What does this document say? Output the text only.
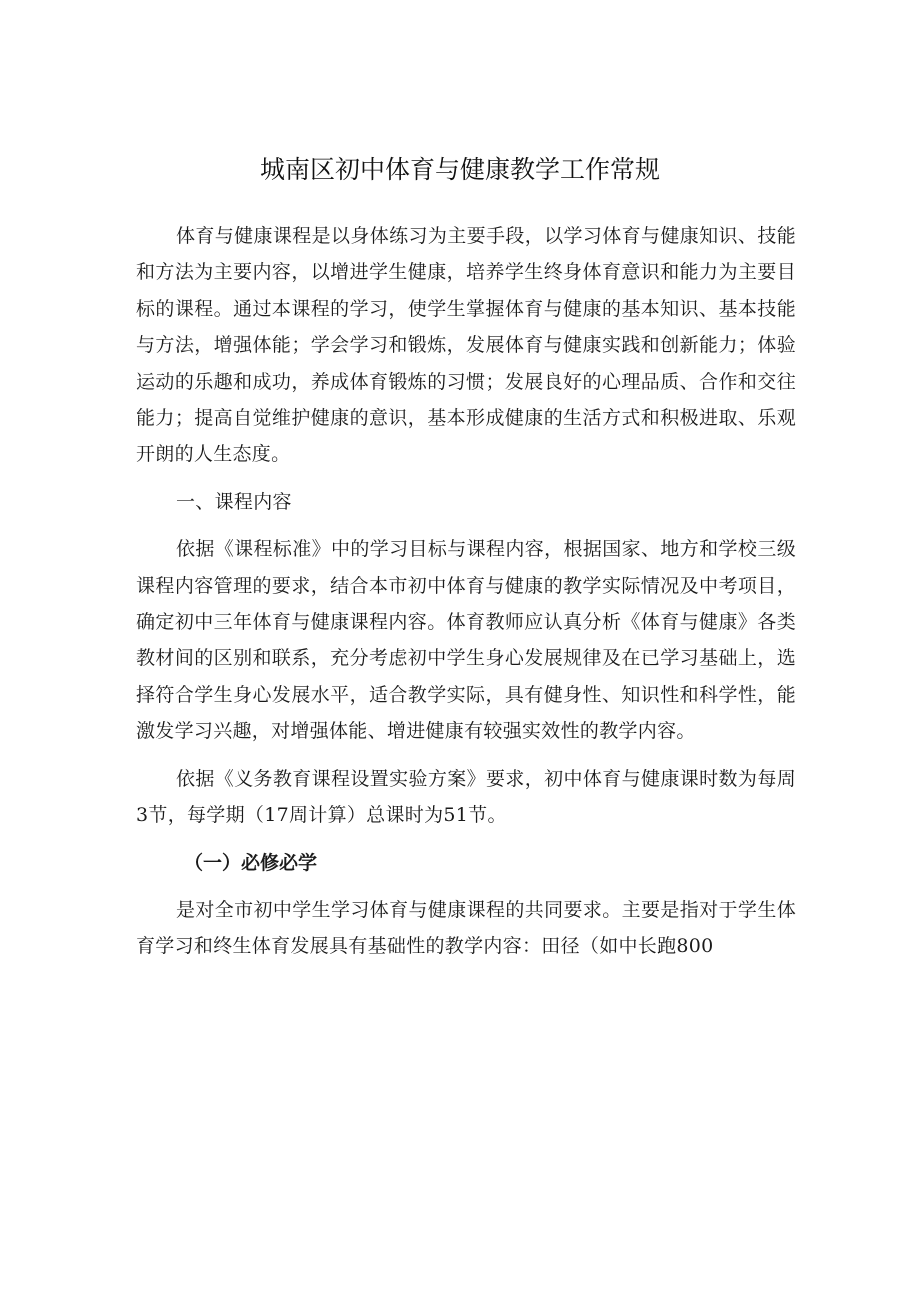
城南区初中体育与健康教学工作常规

体育与健康课程是以身体练习为主要手段，以学习体育与健康知识、技能和方法为主要内容，以增进学生健康，培养学生终身体育意识和能力为主要目标的课程。通过本课程的学习，使学生掌握体育与健康的基本知识、基本技能与方法，增强体能；学会学习和锻炼，发展体育与健康实践和创新能力；体验运动的乐趣和成功，养成体育锻炼的习惯；发展良好的心理品质、合作和交往能力；提高自觉维护健康的意识，基本形成健康的生活方式和积极进取、乐观开朗的人生态度。

一、课程内容

依据《课程标准》中的学习目标与课程内容，根据国家、地方和学校三级课程内容管理的要求，结合本市初中体育与健康的教学实际情况及中考项目，确定初中三年体育与健康课程内容。体育教师应认真分析《体育与健康》各类教材间的区别和联系，充分考虑初中学生身心发展规律及在已学习基础上，选择符合学生身心发展水平，适合教学实际，具有健身性、知识性和科学性，能激发学习兴趣，对增强体能、增进健康有较强实效性的教学内容。

依据《义务教育课程设置实验方案》要求，初中体育与健康课时数为每周3节，每学期（17周计算）总课时为51节。

（一）必修必学

是对全市初中学生学习体育与健康课程的共同要求。主要是指对于学生体育学习和终生体育发展具有基础性的教学内容：田径（如中长跑800
